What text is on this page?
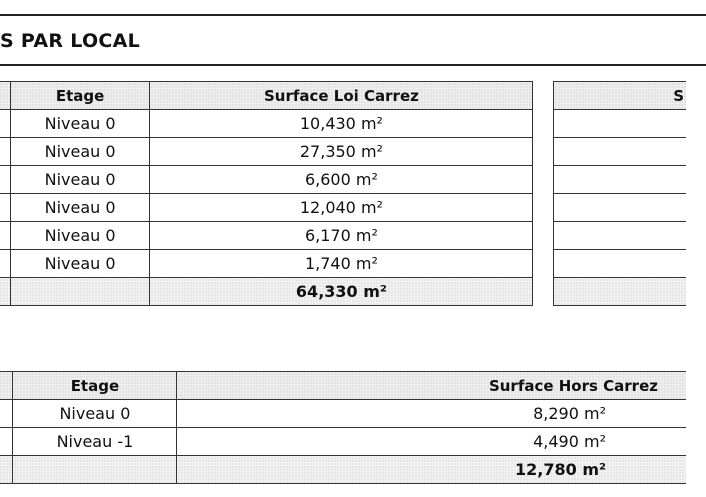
S PAR LOCAL
	Etage	Surface Loi Carrez		S
	Niveau 0	10,430 m²		
	Niveau 0	27,350 m²		
	Niveau 0	6,600 m²		
	Niveau 0	12,040 m²		
	Niveau 0	6,170 m²		
	Niveau 0	1,740 m²		
		64,330 m²		
	Etage	Surface Hors Carrez
	Niveau 0	8,290 m²
	Niveau -1	4,490 m²
		12,780 m²
